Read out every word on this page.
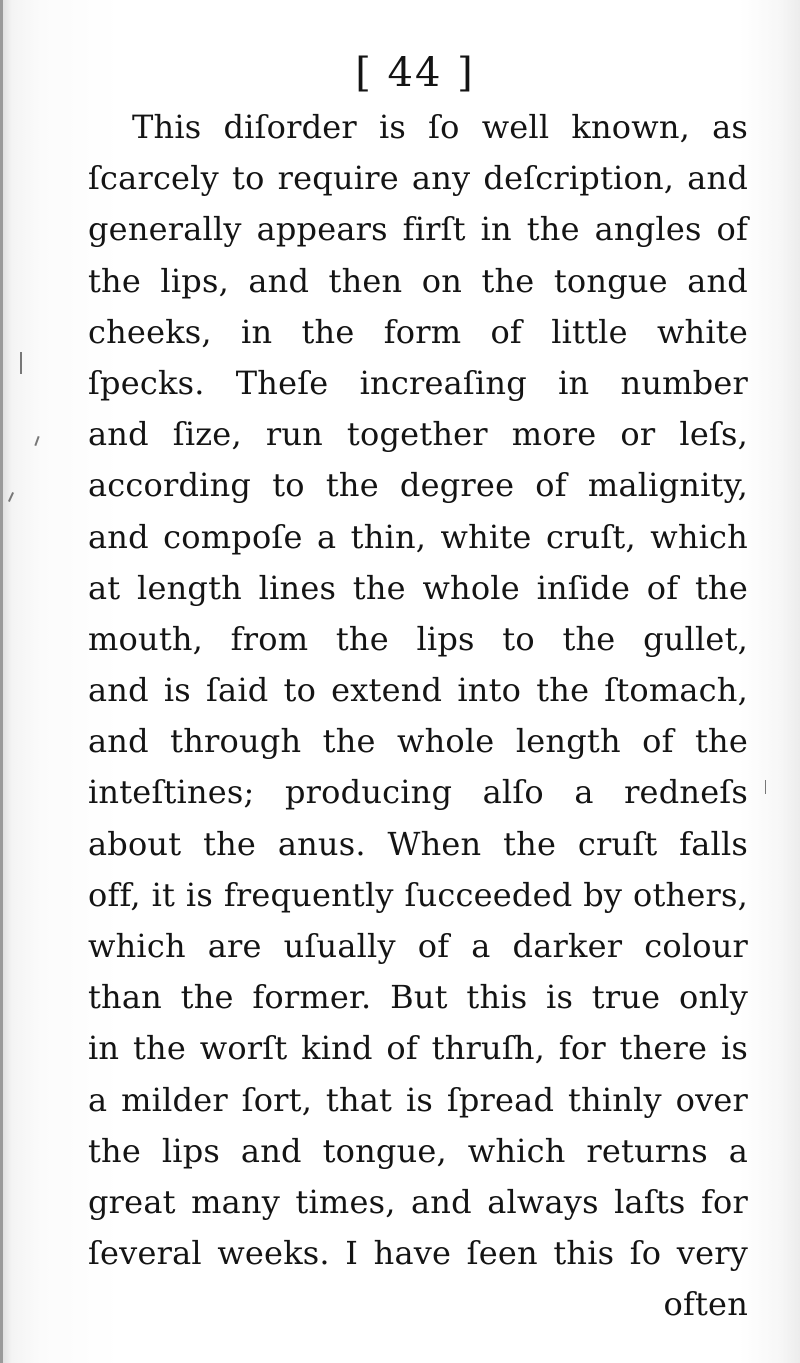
[ 44 ]
This diſorder is ſo well known, as
ſcarcely to require any deſcription, and
generally appears firſt in the angles of
the lips, and then on the tongue and
cheeks, in the form of little white
ſpecks. Theſe increaſing in number
and ſize, run together more or leſs,
according to the degree of malignity,
and compoſe a thin, white cruſt, which
at length lines the whole inſide of the
mouth, from the lips to the gullet,
and is ſaid to extend into the ſtomach,
and through the whole length of the
inteſtines; producing alſo a redneſs
about the anus. When the cruſt falls
off, it is frequently ſucceeded by others,
which are uſually of a darker colour
than the former. But this is true only
in the worſt kind of thruſh, for there is
a milder ſort, that is ſpread thinly over
the lips and tongue, which returns a
great many times, and always laſts for
ſeveral weeks. I have ſeen this ſo very
often
